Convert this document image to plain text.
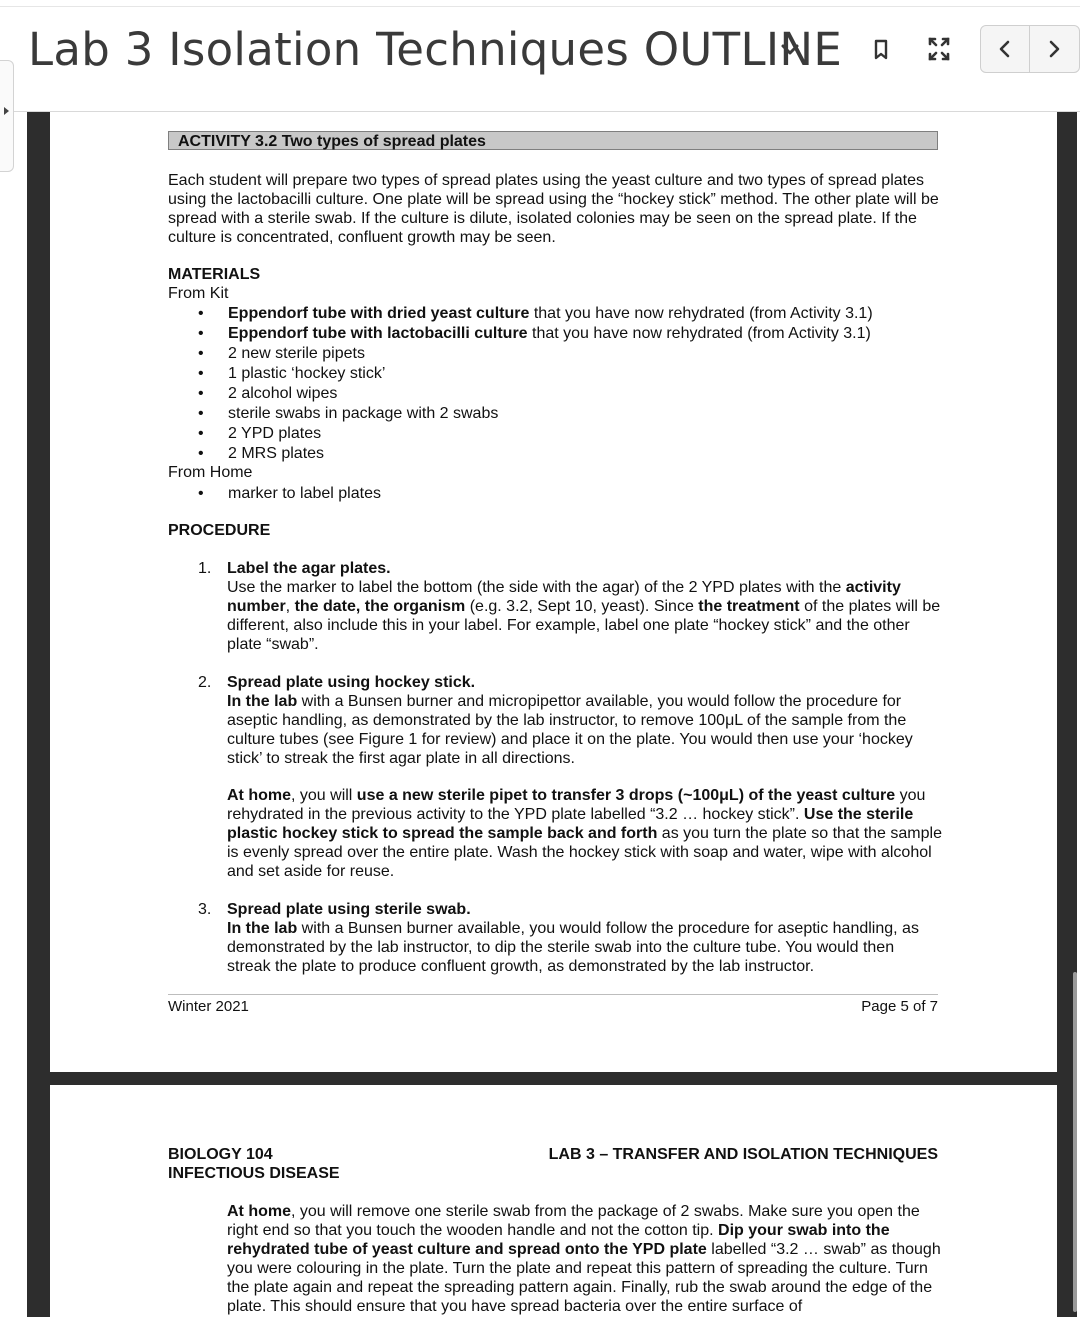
Lab 3 Isolation Techniques OUTLINE
ACTIVITY 3.2 Two types of spread plates
Each student will prepare two types of spread plates using the yeast culture and two types of spread plates using the lactobacilli culture. One plate will be spread using the “hockey stick” method. The other plate will be spread with a sterile swab. If the culture is dilute, isolated colonies may be seen on the spread plate. If the culture is concentrated, confluent growth may be seen.
MATERIALS
From Kit
• Eppendorf tube with dried yeast culture that you have now rehydrated (from Activity 3.1)
• Eppendorf tube with lactobacilli culture that you have now rehydrated (from Activity 3.1)
• 2 new sterile pipets
• 1 plastic ‘hockey stick’
• 2 alcohol wipes
• sterile swabs in package with 2 swabs
• 2 YPD plates
• 2 MRS plates
From Home
• marker to label plates
PROCEDURE
1. Label the agar plates.
Use the marker to label the bottom (the side with the agar) of the 2 YPD plates with the activity number, the date, the organism (e.g. 3.2, Sept 10, yeast). Since the treatment of the plates will be different, also include this in your label. For example, label one plate “hockey stick” and the other plate “swab”.
2. Spread plate using hockey stick.
In the lab with a Bunsen burner and micropipettor available, you would follow the procedure for aseptic handling, as demonstrated by the lab instructor, to remove 100μL of the sample from the culture tubes (see Figure 1 for review) and place it on the plate. You would then use your ‘hockey stick’ to streak the first agar plate in all directions.
At home, you will use a new sterile pipet to transfer 3 drops (~100μL) of the yeast culture you rehydrated in the previous activity to the YPD plate labelled “3.2 … hockey stick”. Use the sterile plastic hockey stick to spread the sample back and forth as you turn the plate so that the sample is evenly spread over the entire plate. Wash the hockey stick with soap and water, wipe with alcohol and set aside for reuse.
3. Spread plate using sterile swab.
In the lab with a Bunsen burner available, you would follow the procedure for aseptic handling, as demonstrated by the lab instructor, to dip the sterile swab into the culture tube. You would then streak the plate to produce confluent growth, as demonstrated by the lab instructor.
Winter 2021	Page 5 of 7
BIOLOGY 104
INFECTIOUS DISEASE
LAB 3 – TRANSFER AND ISOLATION TECHNIQUES
At home, you will remove one sterile swab from the package of 2 swabs. Make sure you open the right end so that you touch the wooden handle and not the cotton tip. Dip your swab into the rehydrated tube of yeast culture and spread onto the YPD plate labelled “3.2 … swab” as though you were colouring in the plate. Turn the plate and repeat this pattern of spreading the culture. Turn the plate again and repeat the spreading pattern again. Finally, rub the swab around the edge of the plate. This should ensure that you have spread bacteria over the entire surface of
